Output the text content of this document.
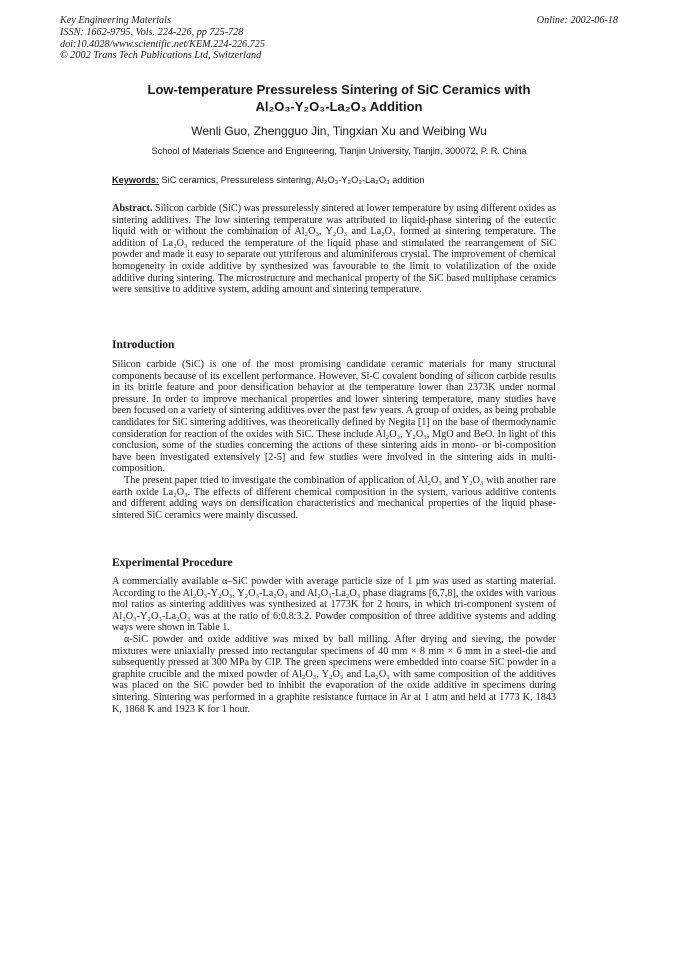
Key Engineering Materials
ISSN: 1662-9795, Vols. 224-226, pp 725-728
doi:10.4028/www.scientific.net/KEM.224-226.725
© 2002 Trans Tech Publications Ltd, Switzerland
Online: 2002-06-18
Low-temperature Pressureless Sintering of SiC Ceramics with
Al₂O₃-Y₂O₃-La₂O₃ Addition
Wenli Guo, Zhengguo Jin, Tingxian Xu and Weibing Wu
School of Materials Science and Engineering, Tianjin University, Tianjin, 300072, P. R. China
Keywords: SiC ceramics, Pressureless sintering, Al₂O₃-Y₂O₃-La₂O₃ addition

Abstract. Silicon carbide (SiC) was pressurelessly sintered at lower temperature by using different oxides as sintering additives. The low sintering temperature was attributed to liquid-phase sintering of the eutectic liquid with or without the combination of Al₂O₃, Y₂O₃ and La₂O₃ formed at sintering temperature. The addition of La₂O₃ reduced the temperature of the liquid phase and stimulated the rearrangement of SiC powder and made it easy to separate out yttriferous and aluminiferous crystal. The improvement of chemical homogeneity in oxide additive by synthesized was favourable to the limit to volatilization of the oxide additive during sintering. The microstructure and mechanical property of the SiC based multiphase ceramics were sensitive to additive system, adding amount and sintering temperature.

Introduction

Silicon carbide (SiC) is one of the most promising candidate ceramic materials for many structural components because of its excellent performance. However, Si-C covalent bonding of silicon carbide results in its brittle feature and poor densification behavior at the temperature lower than 2373K under normal pressure. In order to improve mechanical properties and lower sintering temperature, many studies have been focused on a variety of sintering additives over the past few years. A group of oxides, as being probable candidates for SiC sintering additives, was theoretically defined by Negita [1] on the base of thermodynamic consideration for reaction of the oxides with SiC. These include Al₂O₃, Y₂O₃, MgO and BeO. In light of this conclusion, some of the studies concerning the actions of these sintering aids in mono- or bi-composition have been investigated extensively [2-5] and few studies were involved in the sintering aids in multi-composition.

The present paper tried to investigate the combination of application of Al₂O₃ and Y₂O₃ with another rare earth oxide La₂O₃. The effects of different chemical composition in the system, various additive contents and different adding ways on densification characteristics and mechanical properties of the liquid phase-sintered SiC ceramics were mainly discussed.

Experimental Procedure

A commercially available α–SiC powder with average particle size of 1 μm was used as starting material. According to the Al₂O₃-Y₂O₃, Y₂O₃-La₂O₃ and Al₂O₃-La₂O₃ phase diagrams [6,7,8], the oxides with various mol ratios as sintering additives was synthesized at 1773K for 2 hours, in which tri-component system of Al₂O₃-Y₂O₃-La₂O₃ was at the ratio of 6:0.8:3.2. Powder composition of three additive systems and adding ways were shown in Table 1.

α-SiC powder and oxide additive was mixed by ball milling. After drying and sieving, the powder mixtures were uniaxially pressed into rectangular specimens of 40 mm × 8 mm × 6 mm in a steel-die and subsequently pressed at 300 MPa by CIP. The green specimens were embedded into coarse SiC powder in a graphite crucible and the mixed powder of Al₂O₃, Y₂O₃ and La₂O₃ with same composition of the additives was placed on the SiC powder bed to inhibit the evaporation of the oxide additive in specimens during sintering. Sintering was performed in a graphite resistance furnace in Ar at 1 atm and held at 1773 K, 1843 K, 1868 K and 1923 K for 1 hour.
